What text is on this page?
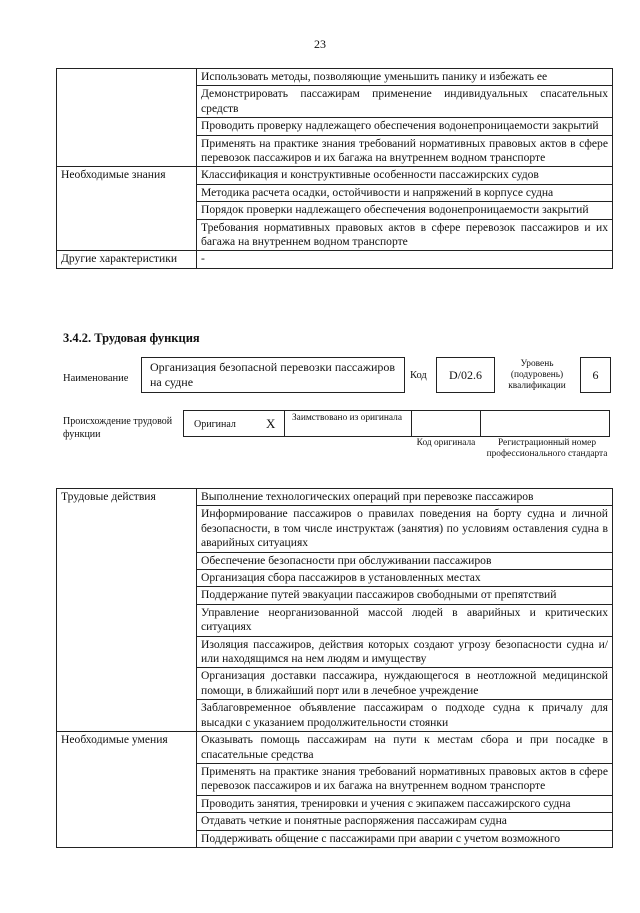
23
	Использовать методы, позволяющие уменьшить панику и избежать ее
	Демонстрировать пассажирам применение индивидуальных спасательных средств
	Проводить проверку надлежащего обеспечения водонепроницаемости закрытий
	Применять на практике знания требований нормативных правовых актов в сфере перевозок пассажиров и их багажа на внутреннем водном транспорте
Необходимые знания	Классификация и конструктивные особенности пассажирских судов
	Методика расчета осадки, остойчивости и напряжений в корпусе судна
	Порядок проверки надлежащего обеспечения водонепроницаемости закрытий
	Требования нормативных правовых актов в сфере перевозок пассажиров и их багажа на внутреннем водном транспорте
Другие характеристики	-
3.4.2. Трудовая функция
Наименование
Организация безопасной перевозки пассажиров на судне	Код	D/02.6
Уровень (подуровень) квалификации
6
Происхождение трудовой функции
Оригинал X	Заимствовано из оригинала
Код оригинала	Регистрационный номер профессионального стандарта
Трудовые действия	Выполнение технологических операций при перевозке пассажиров
	Информирование пассажиров о правилах поведения на борту судна и личной безопасности, в том числе инструктаж (занятия) по условиям оставления судна в аварийных ситуациях
	Обеспечение безопасности при обслуживании пассажиров
	Организация сбора пассажиров в установленных местах
	Поддержание путей эвакуации пассажиров свободными от препятствий
	Управление неорганизованной массой людей в аварийных и критических ситуациях
	Изоляция пассажиров, действия которых создают угрозу безопасности судна и/или находящимся на нем людям и имуществу
	Организация доставки пассажира, нуждающегося в неотложной медицинской помощи, в ближайший порт или в лечебное учреждение
	Заблаговременное объявление пассажирам о подходе судна к причалу для высадки с указанием продолжительности стоянки
Необходимые умения	Оказывать помощь пассажирам на пути к местам сбора и при посадке в спасательные средства
	Применять на практике знания требований нормативных правовых актов в сфере перевозок пассажиров и их багажа на внутреннем водном транспорте
	Проводить занятия, тренировки и учения с экипажем пассажирского судна
	Отдавать четкие и понятные распоряжения пассажирам судна
	Поддерживать общение с пассажирами при аварии с учетом возможного
